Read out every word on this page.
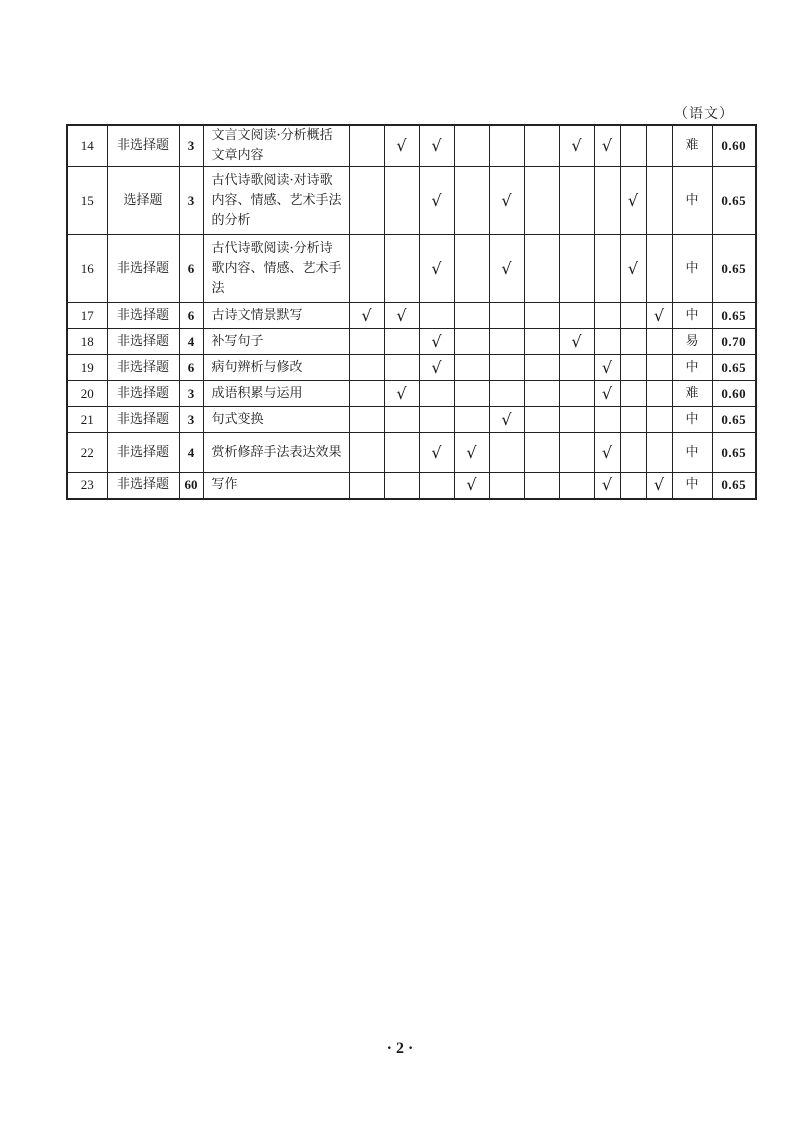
（语文）
14	非选择题	3	文言文阅读·分析概括文章内容		√	√				√	√			难	0.60
15	选择题	3	古代诗歌阅读·对诗歌内容、情感、艺术手法的分析			√		√				√		中	0.65
16	非选择题	6	古代诗歌阅读·分析诗歌内容、情感、艺术手法			√		√				√		中	0.65
17	非选择题	6	古诗文情景默写	√	√								√	中	0.65
18	非选择题	4	补写句子			√				√				易	0.70
19	非选择题	6	病句辨析与修改			√					√			中	0.65
20	非选择题	3	成语积累与运用		√						√			难	0.60
21	非选择题	3	句式变换					√						中	0.65
22	非选择题	4	赏析修辞手法表达效果			√	√				√			中	0.65
23	非选择题	60	写作				√				√		√	中	0.65
· 2 ·
